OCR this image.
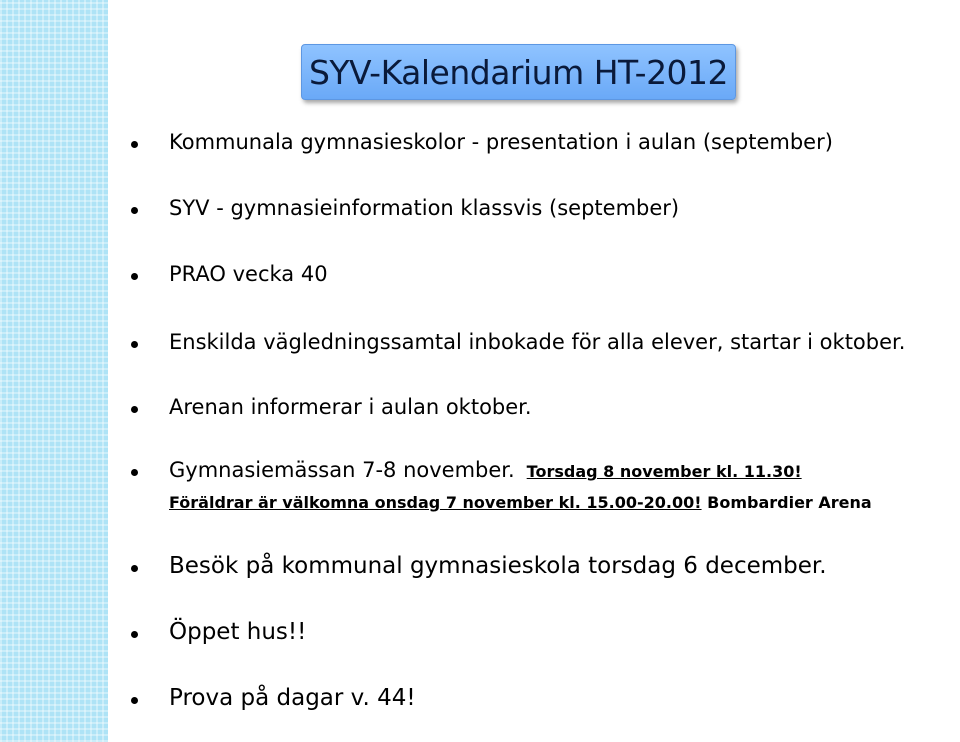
SYV-Kalendarium HT-2012
Kommunala gymnasieskolor - presentation i aulan (september)
SYV - gymnasieinformation klassvis (september)
PRAO vecka 40
Enskilda vägledningssamtal inbokade för alla elever, startar i oktober.
Arenan informerar i aulan oktober.
Gymnasiemässan 7-8 november. Torsdag 8 november kl. 11.30!
Föräldrar är välkomna onsdag 7 november kl. 15.00-20.00! Bombardier Arena
Besök på kommunal gymnasieskola torsdag 6 december.
Öppet hus!!
Prova på dagar v. 44!
